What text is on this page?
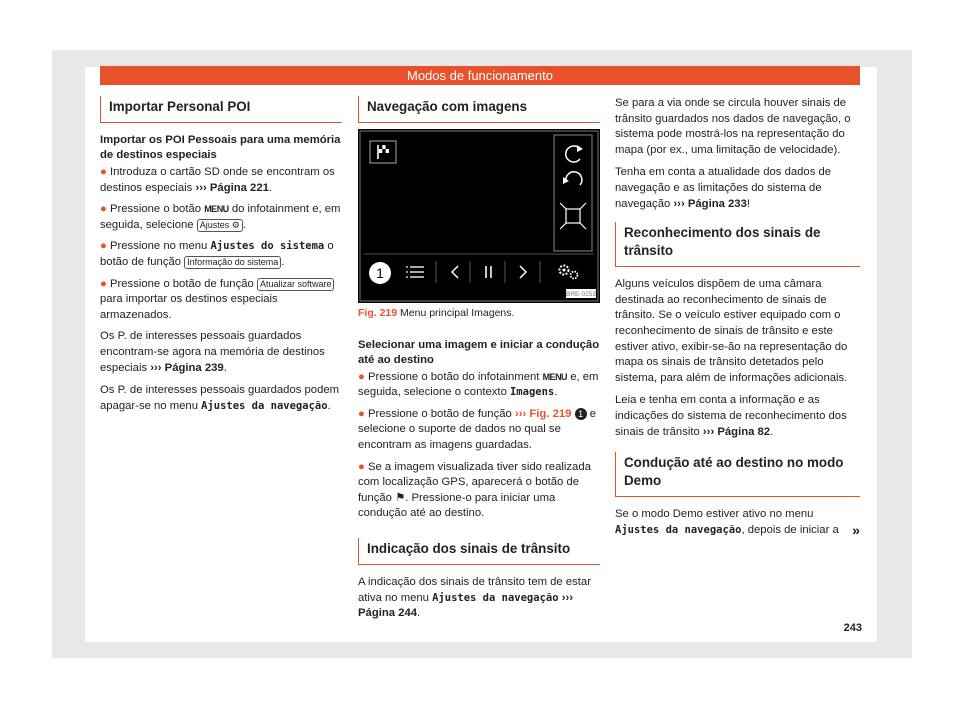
Modos de funcionamento
Importar Personal POI
Importar os POI Pessoais para uma memória de destinos especiais

● Introduza o cartão SD onde se encontram os destinos especiais ››› Página 221.

● Pressione o botão MENU do infotainment e, em seguida, selecione Ajustes ⚙ .

● Pressione no menu Ajustes do sistema o botão de função Informação do sistema .

● Pressione o botão de função Atualizar software para importar os destinos especiais armazenados.

Os P. de interesses pessoais guardados encontram-se agora na memória de destinos especiais ››› Página 239.

Os P. de interesses pessoais guardados podem apagar-se no menu Ajustes da navegação.

Navegação com imagens
1
BRE-0253
Fig. 219 Menu principal Imagens.
Selecionar uma imagem e iniciar a condução até ao destino

● Pressione o botão do infotainment MENU e, em seguida, selecione o contexto Imagens.

● Pressione o botão de função ››› Fig. 219 1 e selecione o suporte de dados no qual se encontram as imagens guardadas.

● Se a imagem visualizada tiver sido realizada com localização GPS, aparecerá o botão de função ⚑. Pressione-o para iniciar uma condução até ao destino.

Indicação dos sinais de trânsito

A indicação dos sinais de trânsito tem de estar ativa no menu Ajustes da navegação ››› Página 244.

Se para a via onde se circula houver sinais de trânsito guardados nos dados de navegação, o sistema pode mostrá-los na representação do mapa (por ex., uma limitação de velocidade).

Tenha em conta a atualidade dos dados de navegação e as limitações do sistema de navegação ››› Página 233!

Reconhecimento dos sinais de trânsito

Alguns veículos dispõem de uma câmara destinada ao reconhecimento de sinais de trânsito. Se o veículo estiver equipado com o reconhecimento de sinais de trânsito e este estiver ativo, exibir-se-ão na representação do mapa os sinais de trânsito detetados pelo sistema, para além de informações adicionais.

Leia e tenha em conta a informação e as indicações do sistema de reconhecimento dos sinais de trânsito ››› Página 82.

Condução até ao destino no modo Demo

Se o modo Demo estiver ativo no menu Ajustes da navegação, depois de iniciar a »

243
